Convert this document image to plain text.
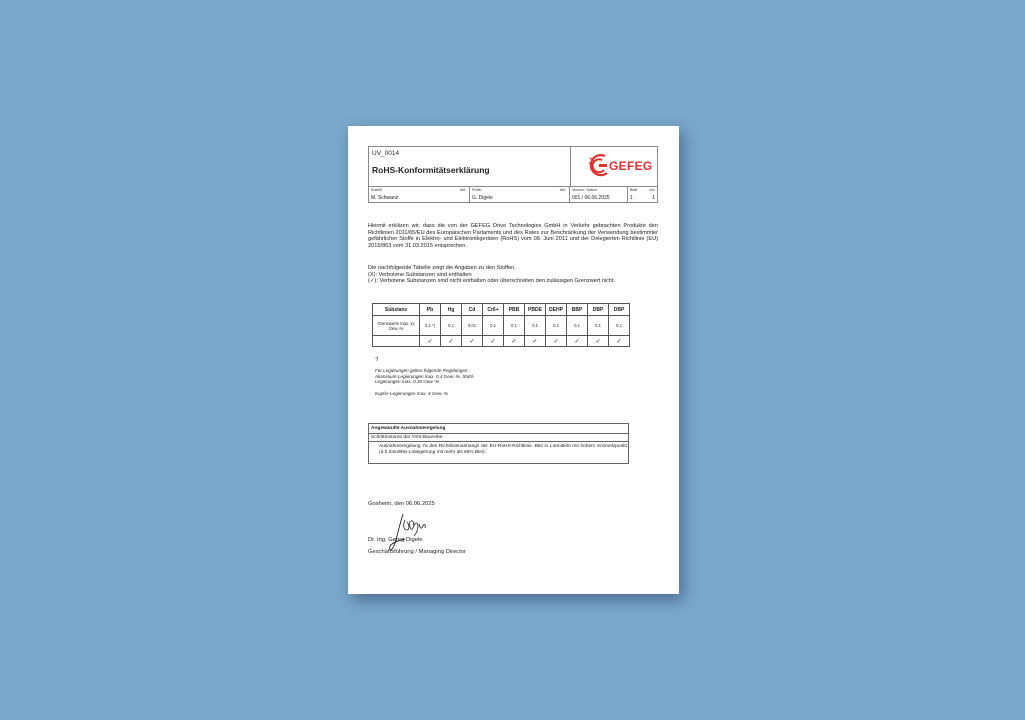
UV_0014
RoHS-Konformitätserklärung	GEFEG
Erstellt	Abt.
M. Schwanz
Prüfer	Abt.
G. Digele
Version / Datum
001 / 06.06.2025
Blatt	von
1	1
Hiermit erklären wir, dass die von der GEFEG Drive Technologies GmbH in Verkehr gebrachten Produkte den Richtlinien 2011/65/EU des Europäischen Parlaments und des Rates zur Beschränkung der Verwendung bestimmter gefährlicher Stoffe in Elektro- und Elektronikgeräten (RoHS) vom 08. Juni 2011 und der Delegierten Richtlinie (EU) 2015/863 vom 31.03.2015 entsprechen.
Die nachfolgende Tabelle zeigt die Angaben zu den Stoffen.
(X): Verbotene Substanzen sind enthalten
(✓): Verbotene Substanzen sind nicht enthalten oder überschreiten den zulässigen Grenzwert nicht.
Substanz	Pb	Hg	Cd	Cr6+	PBB	PBDE	DEHP	BBP	DBP	DBP
Grenzwerte max. xx Gew.-%	0,1 *)	0,1	0,01	0,1	0,1	0,1	0,1	0,1	0,1	0,1
	✓	✓	✓	✓	✓	✓	✓	✓	✓	✓
*)
Für Legierungen gelten folgende Regelungen:
Aluminium-Legierungen max. 0,4 Gew.-%, Stahl-
Legierungen max. 0,35 Gew.-%
Kupfer-Legierungen max. 4 Gew.-%
Angewandte Ausnahmeregelung
Schrittmotoren der VSS-Baureihe:
Ausnahmeregelung 7a des Richtlinienanhangs der EU-RoHS-Richtlinie. Blei in Lotmitteln mit hohem Schmelzpunkt (d.h.Zinn/Blei-Lotlegierung mit mehr als 85% Blei).
Gosheim, den 06.06.2025
Dr. Ing. Georg Digele
Geschäftsführung / Managing Director
